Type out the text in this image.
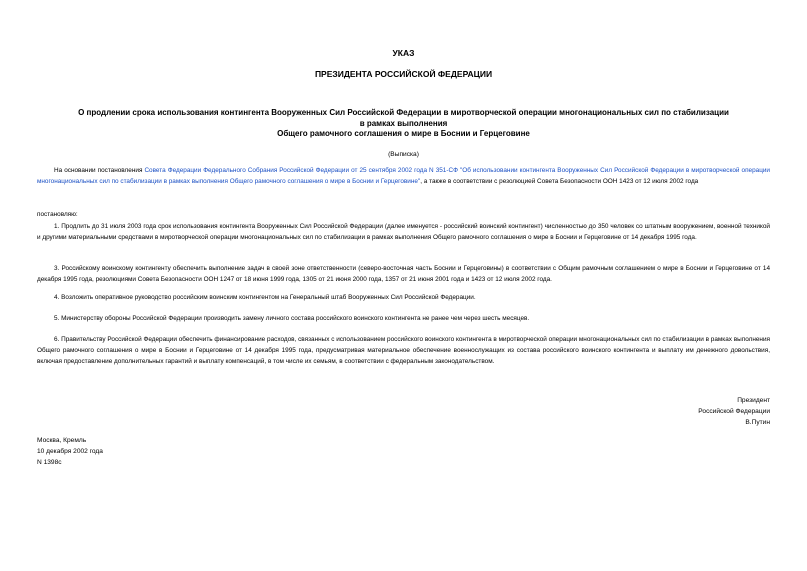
УКАЗ
ПРЕЗИДЕНТА РОССИЙСКОЙ ФЕДЕРАЦИИ
О продлении срока использования контингента Вооруженных Сил Российской Федерации в миротворческой операции многонациональных сил по стабилизации
в рамках выполнения
Общего рамочного соглашения о мире в Боснии и Герцеговине
(Выписка)
На основании постановления Совета Федерации Федерального Собрания Российской Федерации от 25 сентября 2002 года N 351-СФ "Об использовании контингента Вооруженных Сил Российской Федерации в миротворческой операции многонациональных сил по стабилизации в рамках выполнения Общего рамочного соглашения о мире в Боснии и Герцеговине", а также в соответствии с резолюцией Совета Безопасности ООН 1423 от 12 июля 2002 года
постановляю:
1. Продлить до 31 июля 2003 года срок использования контингента Вооруженных Сил Российской Федерации (далее именуется - российский воинский контингент) численностью до 350 человек со штатным вооружением, военной техникой и другими материальными средствами в миротворческой операции многонациональных сил по стабилизации в рамках выполнения Общего рамочного соглашения о мире в Боснии и Герцеговине от 14 декабря 1995 года.
3. Российскому воинскому контингенту обеспечить выполнение задач в своей зоне ответственности (северо-восточная часть Боснии и Герцеговины) в соответствии с Общим рамочным соглашением о мире в Боснии и Герцеговине от 14 декабря 1995 года, резолюциями Совета Безопасности ООН 1247 от 18 июня 1999 года, 1305 от 21 июня 2000 года, 1357 от 21 июня 2001 года и 1423 от 12 июля 2002 года.
4. Возложить оперативное руководство российским воинским контингентом на Генеральный штаб Вооруженных Сил Российской Федерации.
5. Министерству обороны Российской Федерации производить замену личного состава российского воинского контингента не ранее чем через шесть месяцев.
6. Правительству Российской Федерации обеспечить финансирование расходов, связанных с использованием российского воинского контингента в миротворческой операции многонациональных сил по стабилизации в рамках выполнения Общего рамочного соглашения о мире в Боснии и Герцеговине от 14 декабря 1995 года, предусматривая материальное обеспечение военнослужащих из состава российского воинского контингента и выплату им денежного довольствия, включая предоставление дополнительных гарантий и выплату компенсаций, в том числе их семьям, в соответствии с федеральным законодательством.
Президент
Российской Федерации
В.Путин
Москва, Кремль
10 декабря 2002 года
N 1398с
